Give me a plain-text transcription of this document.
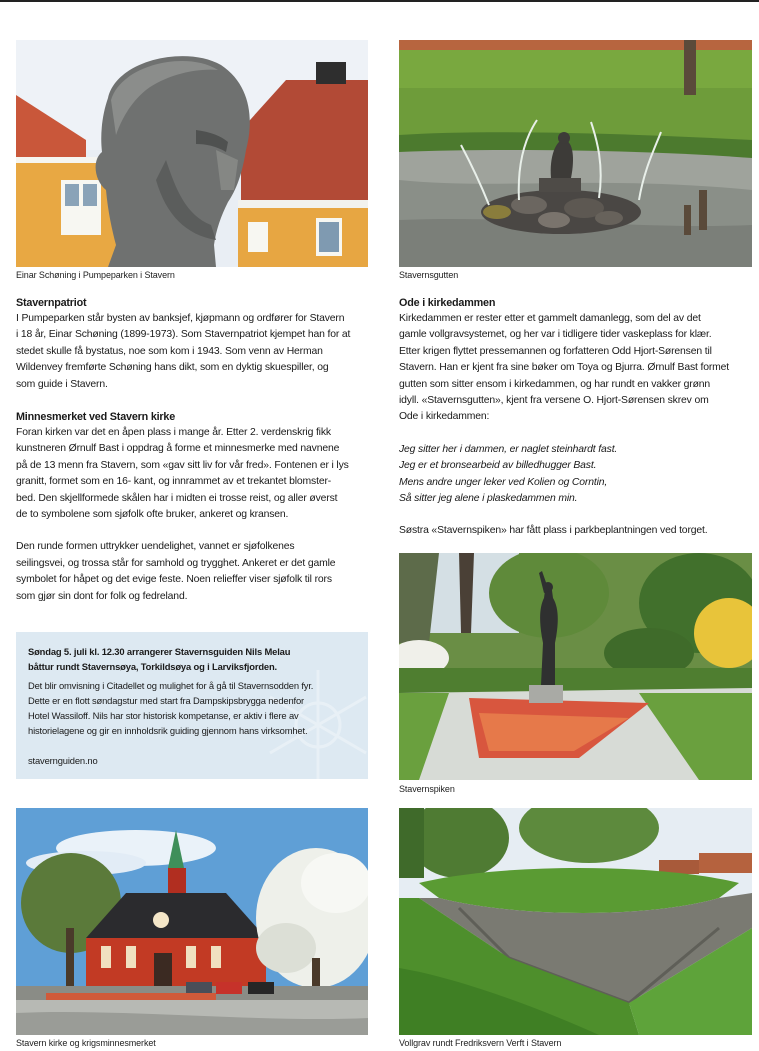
Einar Schøning i Pumpeparken i Stavern	Stavernsgutten
Stavernpatriot

I Pumpeparken står bysten av banksjef, kjøpmann og ordfører for Stavern

i 18 år, Einar Schøning (1899-1973). Som Stavernpatriot kjempet han for at

stedet skulle få bystatus, noe som kom i 1943. Som venn av Herman

Wildenvey fremførte Schøning hans dikt, som en dyktig skuespiller, og

som guide i Stavern.

Minnesmerket ved Stavern kirke

Foran kirken var det en åpen plass i mange år. Etter 2. verdenskrig fikk

kunstneren Ørnulf Bast i oppdrag å forme et minnesmerke med navnene

på de 13 menn fra Stavern, som «gav sitt liv for vår fred». Fontenen er i lys

granitt, formet som en 16- kant, og innrammet av et trekantet blomster-

bed. Den skjellformede skålen har i midten ei trosse reist, og aller øverst

de to symbolene som sjøfolk ofte bruker, ankeret og kransen.

Den runde formen uttrykker uendelighet, vannet er sjøfolkenes

seilingsvei, og trossa står for samhold og trygghet. Ankeret er det gamle

symbolet for håpet og det evige feste. Noen relieffer viser sjøfolk til rors

som gjør sin dont for folk og fedreland.

Søndag 5. juli kl. 12.30 arrangerer Stavernsguiden Nils Melau
båttur rundt Stavernsøya, Torkildsøya og i Larviksfjorden.
Det blir omvisning i Citadellet og mulighet for å gå til Stavernsodden fyr.
Dette er en flott søndagstur med start fra Dampskipsbrygga nedenfor
Hotel Wassiloff. Nils har stor historisk kompetanse, er aktiv i flere av
historielagene og gir en innholdsrik guiding gjennom hans virksomhet.
stavernguiden.no
Ode i kirkedammen

Kirkedammen er rester etter et gammelt damanlegg, som del av det

gamle vollgravsystemet, og her var i tidligere tider vaskeplass for klær.

Etter krigen flyttet pressemannen og forfatteren Odd Hjort-Sørensen til

Stavern. Han er kjent fra sine bøker om Toya og Bjurra. Ørnulf Bast formet

gutten som sitter ensom i kirkedammen, og har rundt en vakker grønn

idyll. «Stavernsgutten», kjent fra versene O. Hjort-Sørensen skrev om

Ode i kirkedammen:

Jeg sitter her i dammen, er naglet steinhardt fast.

Jeg er et bronsearbeid av billedhugger Bast.

Mens andre unger leker ved Kolien og Corntin,

Så sitter jeg alene i plaskedammen min.

Søstra «Stavernspiken» har fått plass i parkbeplantningen ved torget.

Stavernspiken
Stavern kirke og krigsminnesmerket	Vollgrav rundt Fredriksvern Verft i Stavern
